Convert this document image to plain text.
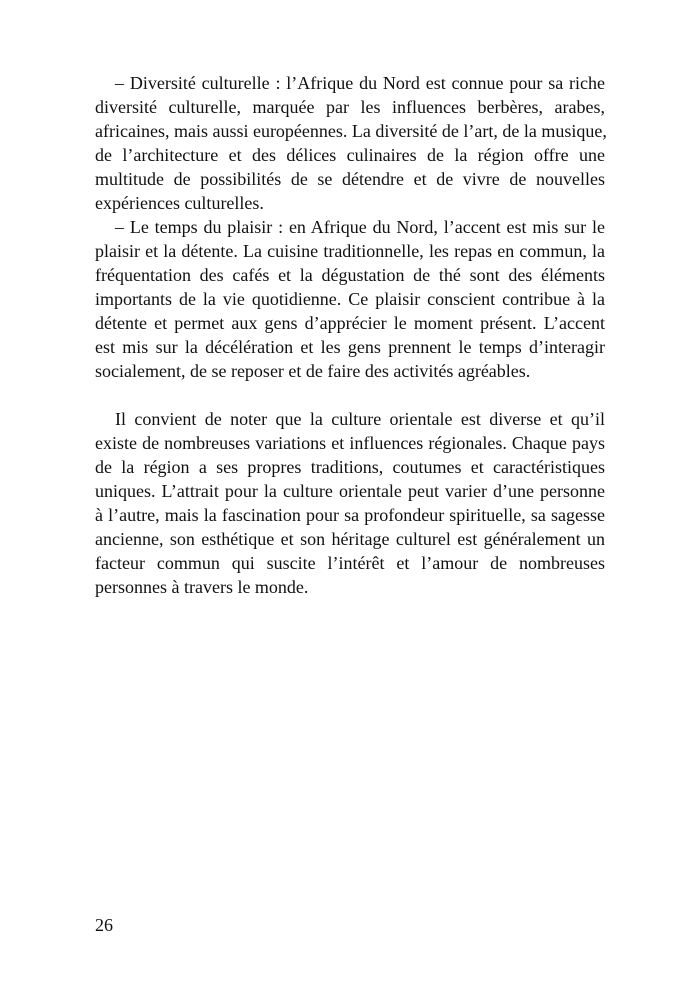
– Diversité culturelle : l’Afrique du Nord est connue pour sa riche
diversité culturelle, marquée par les influences berbères, arabes,
africaines, mais aussi européennes. La diversité de l’art, de la musique,
de l’architecture et des délices culinaires de la région offre une
multitude de possibilités de se détendre et de vivre de nouvelles
expériences culturelles.
– Le temps du plaisir : en Afrique du Nord, l’accent est mis sur le
plaisir et la détente. La cuisine traditionnelle, les repas en commun, la
fréquentation des cafés et la dégustation de thé sont des éléments
importants de la vie quotidienne. Ce plaisir conscient contribue à la
détente et permet aux gens d’apprécier le moment présent. L’accent
est mis sur la décélération et les gens prennent le temps d’interagir
socialement, de se reposer et de faire des activités agréables.
Il convient de noter que la culture orientale est diverse et qu’il
existe de nombreuses variations et influences régionales. Chaque pays
de la région a ses propres traditions, coutumes et caractéristiques
uniques. L’attrait pour la culture orientale peut varier d’une personne
à l’autre, mais la fascination pour sa profondeur spirituelle, sa sagesse
ancienne, son esthétique et son héritage culturel est généralement un
facteur commun qui suscite l’intérêt et l’amour de nombreuses
personnes à travers le monde.
26
